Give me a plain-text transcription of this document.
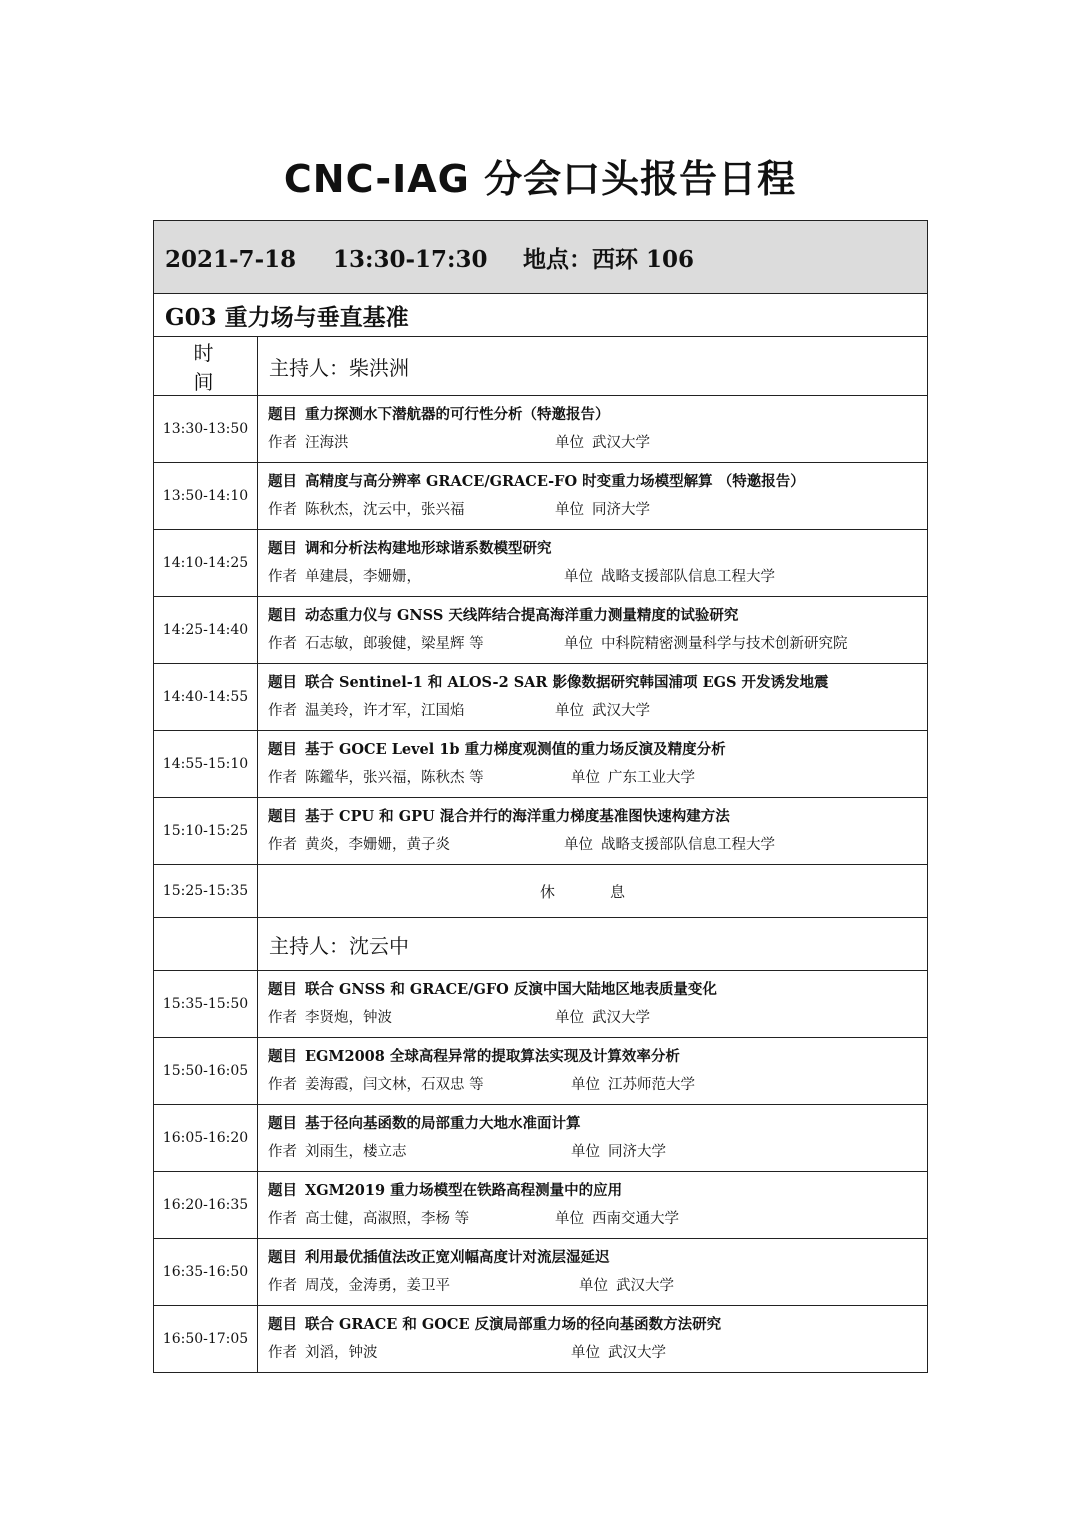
CNC-IAG 分会口头报告日程
2021-7-18 13:30-17:30 地点：西环 106	
G03 重力场与垂直基准	
时　间	主持人：柴洪洲
13:30-13:50	题目 重力探测水下潜航器的可行性分析（特邀报告）
作者 汪海洪 单位 武汉大学

13:50-14:10	题目 高精度与高分辨率 GRACE/GRACE-FO 时变重力场模型解算 （特邀报告）
作者 陈秋杰，沈云中，张兴福 单位 同济大学

14:10-14:25	题目 调和分析法构建地形球谐系数模型研究
作者 单建晨，李姗姗， 单位 战略支援部队信息工程大学

14:25-14:40	题目 动态重力仪与 GNSS 天线阵结合提高海洋重力测量精度的试验研究
作者 石志敏，郎骏健，梁星辉 等 单位 中科院精密测量科学与技术创新研究院

14:40-14:55	题目 联合 Sentinel-1 和 ALOS-2 SAR 影像数据研究韩国浦项 EGS 开发诱发地震
作者 温美玲，许才军，江国焰 单位 武汉大学

14:55-15:10	题目 基于 GOCE Level 1b 重力梯度观测值的重力场反演及精度分析
作者 陈鑑华，张兴福，陈秋杰 等 单位 广东工业大学

15:10-15:25	题目 基于 CPU 和 GPU 混合并行的海洋重力梯度基准图快速构建方法
作者 黄炎，李姗姗，黄子炎 单位 战略支援部队信息工程大学

15:25-15:35	休　息
	主持人：沈云中
15:35-15:50	题目 联合 GNSS 和 GRACE/GFO 反演中国大陆地区地表质量变化
作者 李贤炮，钟波 单位 武汉大学

15:50-16:05	题目 EGM2008 全球高程异常的提取算法实现及计算效率分析
作者 姜海霞，闫文林，石双忠 等 单位 江苏师范大学

16:05-16:20	题目 基于径向基函数的局部重力大地水准面计算
作者 刘雨生，楼立志 单位 同济大学

16:20-16:35	题目 XGM2019 重力场模型在铁路高程测量中的应用
作者 高士健，高淑照，李杨 等 单位 西南交通大学

16:35-16:50	题目 利用最优插值法改正宽刈幅高度计对流层湿延迟
作者 周茂，金涛勇，姜卫平 单位 武汉大学

16:50-17:05	题目 联合 GRACE 和 GOCE 反演局部重力场的径向基函数方法研究
作者 刘滔，钟波 单位 武汉大学
